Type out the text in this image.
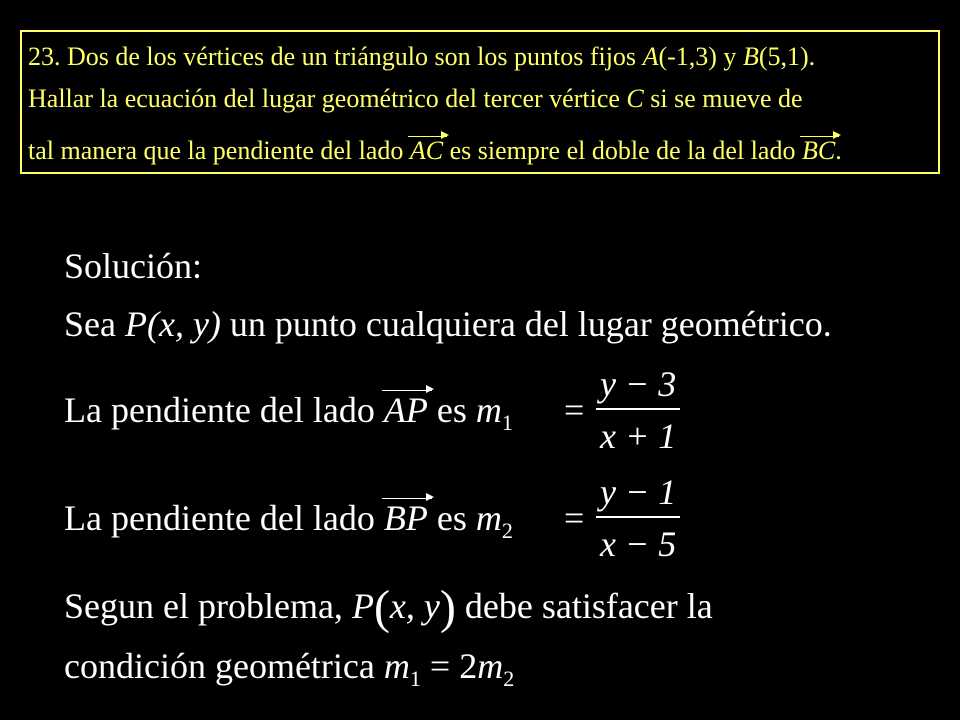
23. Dos de los vértices de un triángulo son los puntos fijos A(-1,3) y B(5,1).
Hallar la ecuación del lugar geométrico del tercer vértice C si se mueve de
tal manera que la pendiente del lado
AC es siempre el doble de la del lado
BC.
Solución:
Sea P(x, y) un punto cualquiera del lugar geométrico.
La pendiente del lado
AP es $m_1$ =
y − 3
x + 1
La pendiente del lado
BP es $m_2$ =
y − 1
x − 5
Segun el problema, P(x, y) debe satisfacer la
condición geométrica $m_1 = 2m_2$
